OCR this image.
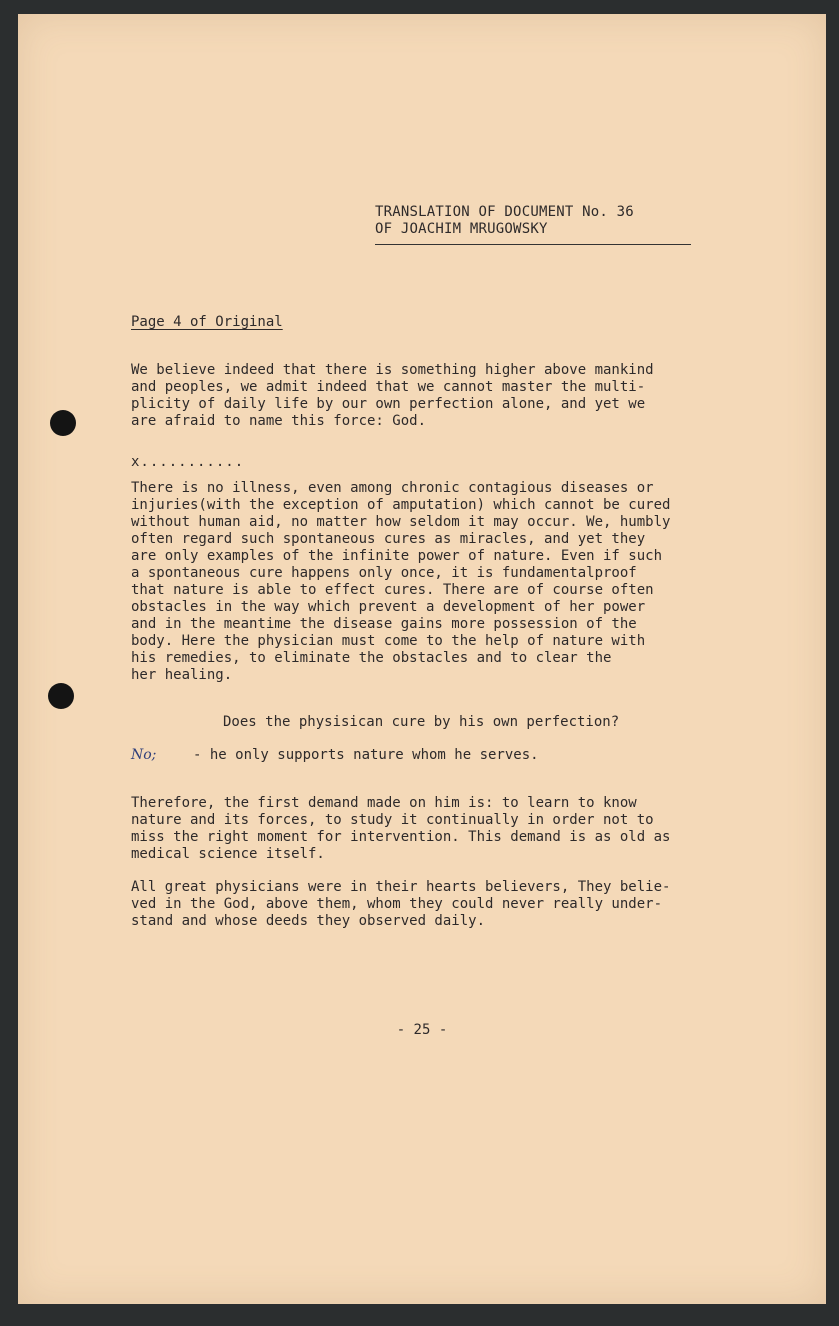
TRANSLATION OF DOCUMENT No. 36
OF JOACHIM MRUGOWSKY
Page 4 of Original
We believe indeed that there is something higher above mankind
and peoples, we admit indeed that we cannot master the multi-
plicity of daily life by our own perfection alone, and yet we
are afraid to name this force: God.
x...........
There is no illness, even among chronic contagious diseases or
injuries(with the exception of amputation) which cannot be cured
without human aid, no matter how seldom it may occur. We, humbly
often regard such spontaneous cures as miracles, and yet they
are only examples of the infinite power of nature. Even if such
a spontaneous cure happens only once, it is fundamentalproof
that nature is able to effect cures. There are of course often
obstacles in the way which prevent a development of her power
and in the meantime the disease gains more possession of the
body. Here the physician must come to the help of nature with
his remedies, to eliminate the obstacles and to clear the
her healing.
Does the physisican cure by his own perfection?
No;	- he only supports nature whom he serves.
Therefore, the first demand made on him is: to learn to know
nature and its forces, to study it continually in order not to
miss the right moment for intervention. This demand is as old as
medical science itself.
All great physicians were in their hearts believers, They belie-
ved in the God, above them, whom they could never really under-
stand and whose deeds they observed daily.
- 25 -
